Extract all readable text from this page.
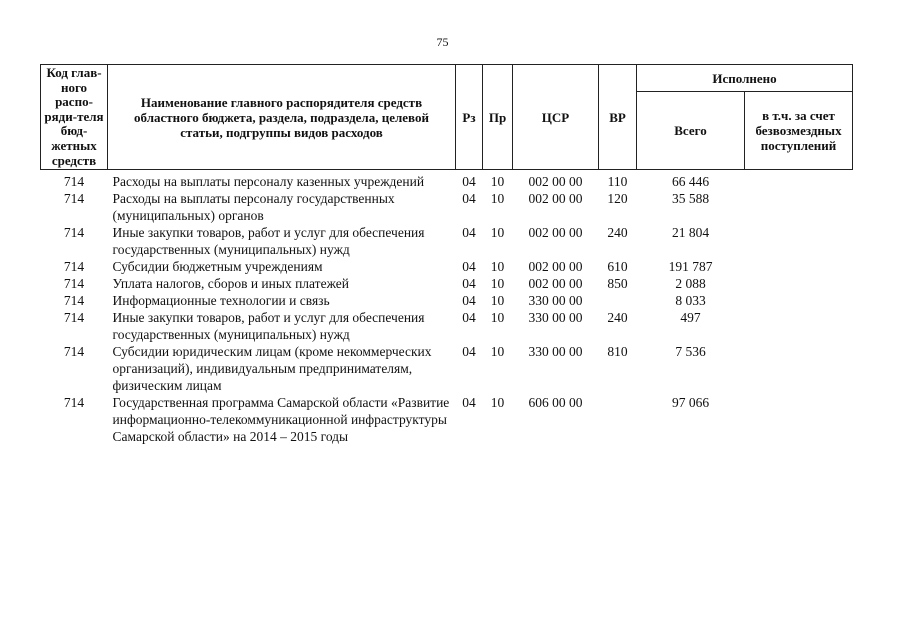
75
Код глав-ного распо-ряди-теля бюд-жетных средств	Наименование главного распорядителя средств областного бюджета, раздела, подраздела, целевой статьи, подгруппы видов расходов	Рз	Пр	ЦСР	ВР	Исполнено	
						Всего	в т.ч. за счет безвозмездных поступлений
714	Расходы на выплаты персоналу казенных учреждений	04	10	002 00 00	110	66 446	
714	Расходы на выплаты персоналу государственных (муниципальных) органов	04	10	002 00 00	120	35 588	
714	Иные закупки товаров, работ и услуг для обеспечения государственных (муниципальных) нужд	04	10	002 00 00	240	21 804	
714	Субсидии бюджетным учреждениям	04	10	002 00 00	610	191 787	
714	Уплата налогов, сборов и иных платежей	04	10	002 00 00	850	2 088	
714	Информационные технологии и связь	04	10	330 00 00		8 033	
714	Иные закупки товаров, работ и услуг для обеспечения государственных (муниципальных) нужд	04	10	330 00 00	240	497	
714	Субсидии юридическим лицам (кроме некоммерческих организаций), индивидуальным предпринимателям, физическим лицам	04	10	330 00 00	810	7 536	
714	Государственная программа Самарской области «Развитие информационно-телекоммуникационной инфраструктуры Самарской области» на 2014 – 2015 годы	04	10	606 00 00		97 066	
